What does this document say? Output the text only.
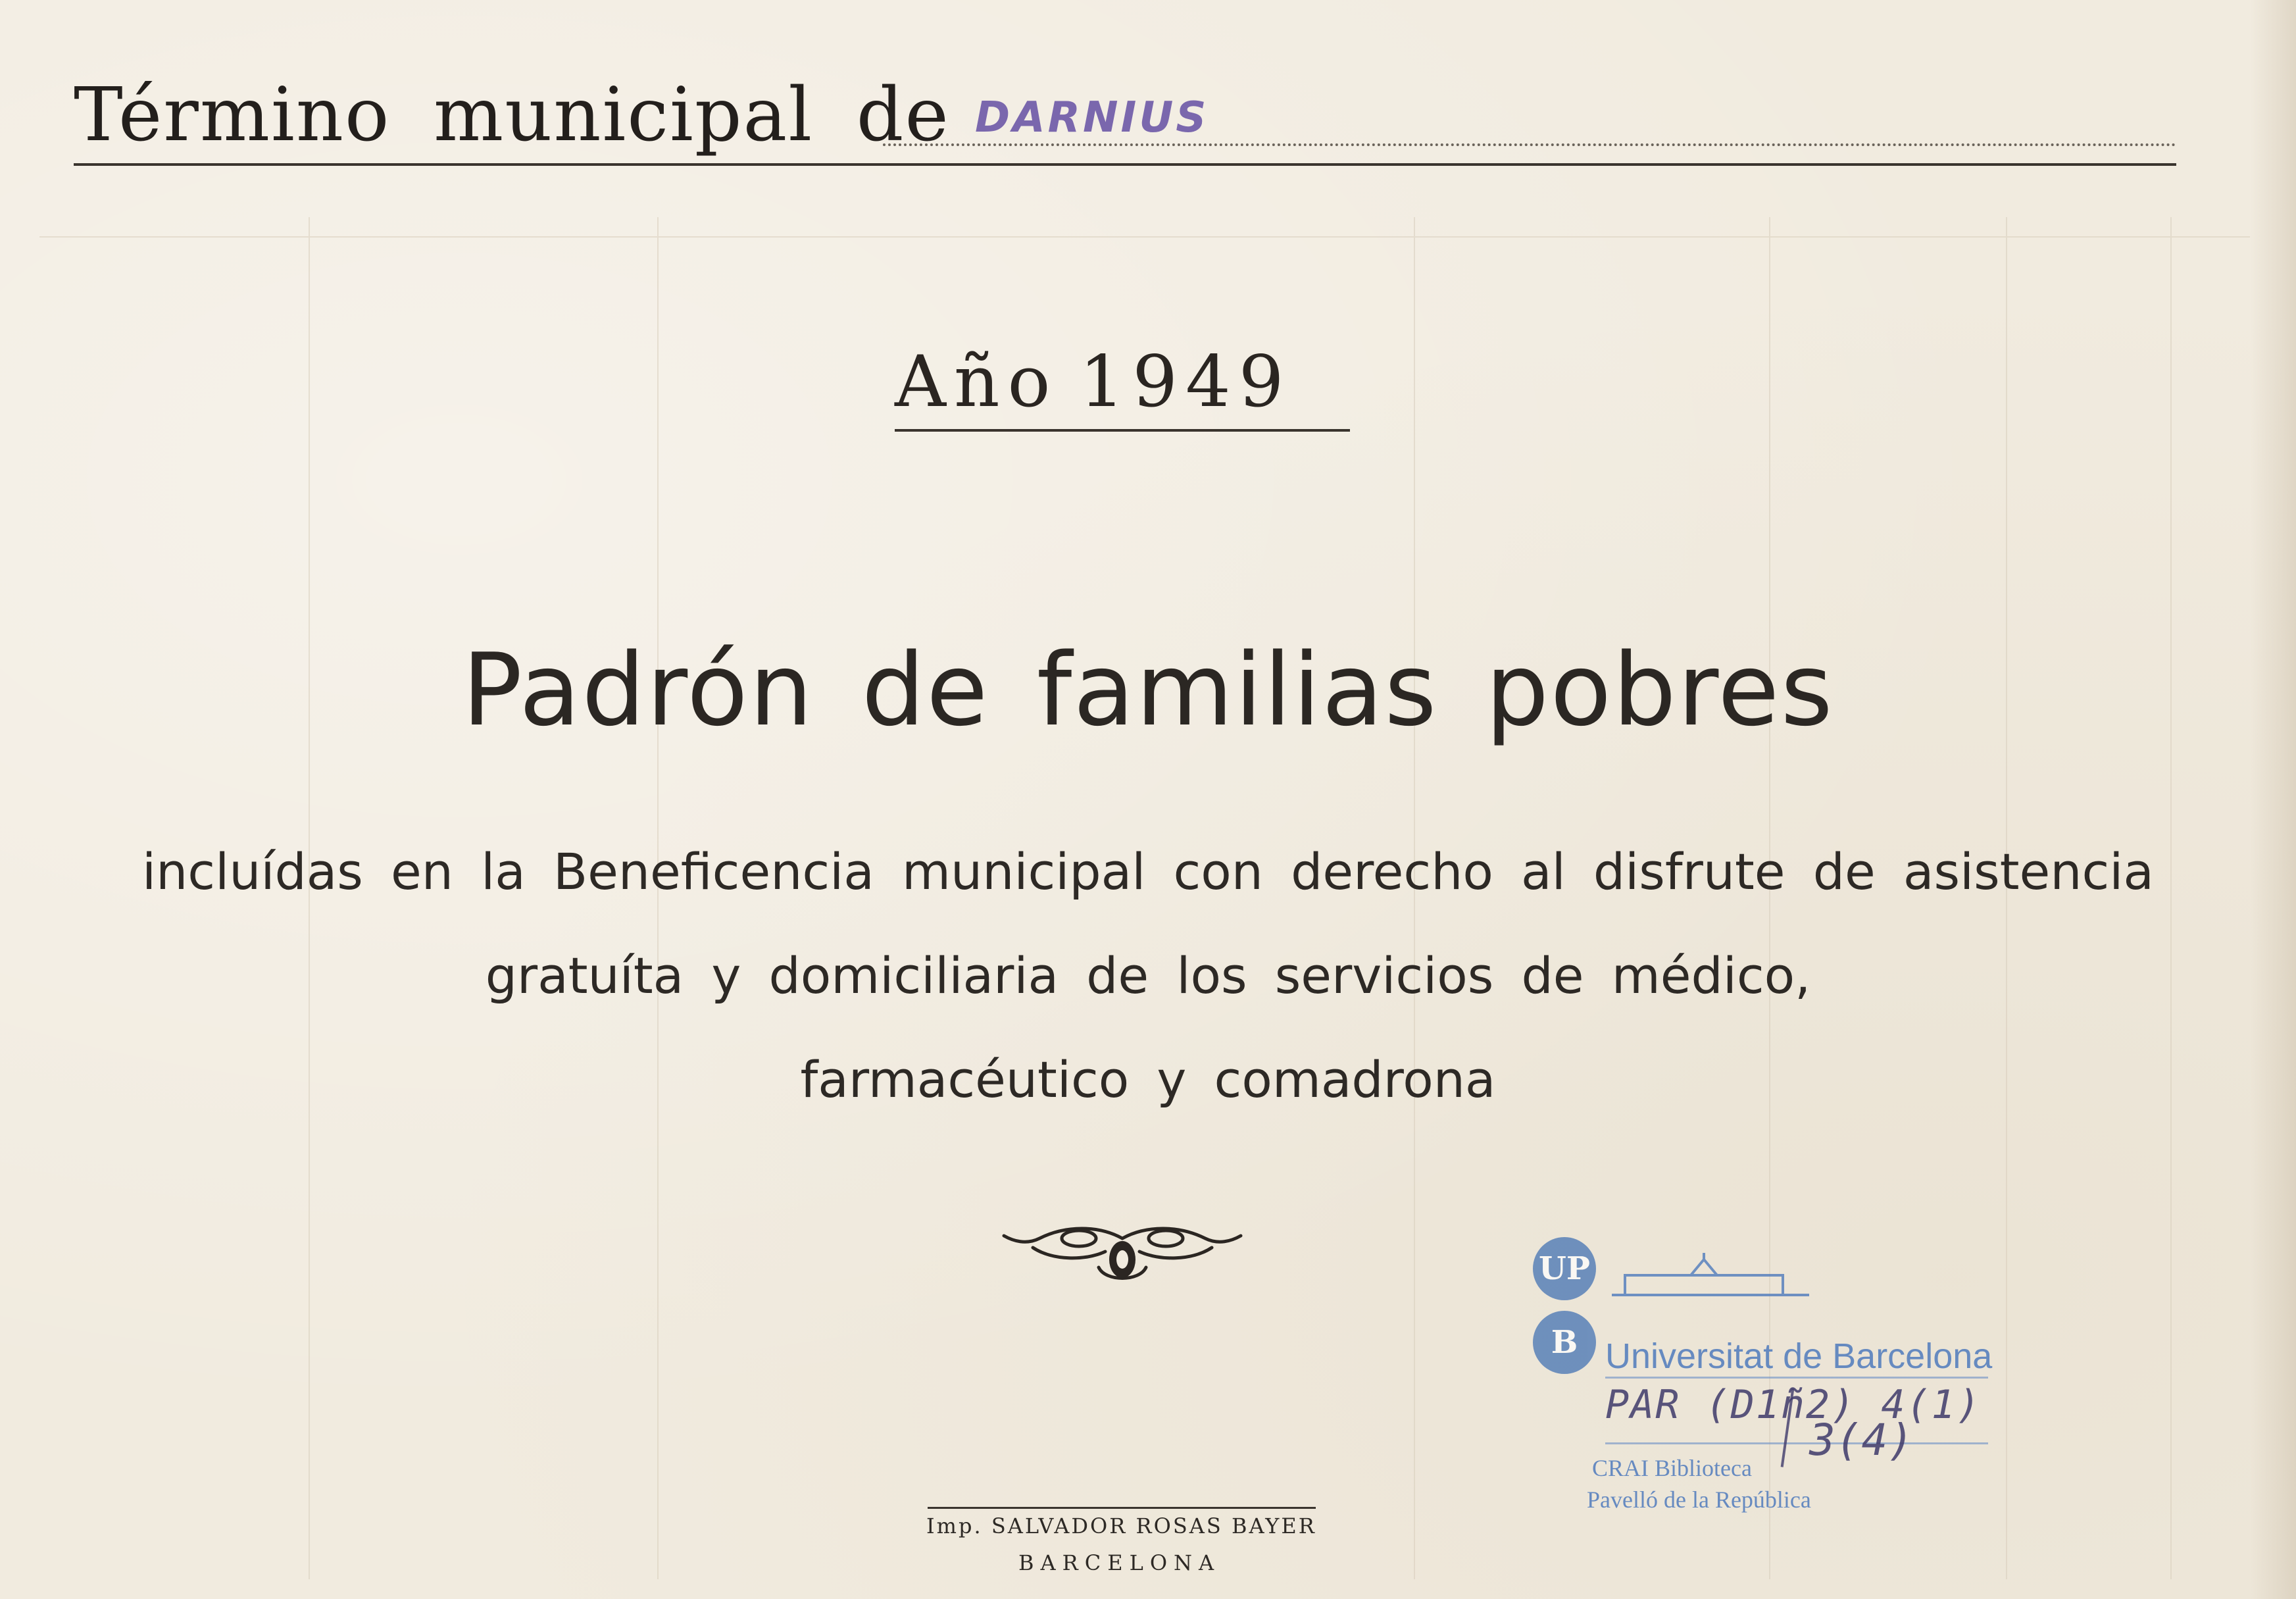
Término municipal de DARNIUS
Año 1949
Padrón de familias pobres
incluídas en la Beneficencia municipal con derecho al disfrute de asistencia
gratuíta y domiciliaria de los servicios de médico,
farmacéutico y comadrona
Imp. SALVADOR ROSAS BAYER
BARCELONA
UP
B Universitat de Barcelona
PAR (D1ñ2) 4(1)
CRAI Biblioteca
Pavelló de la República
3(4)
